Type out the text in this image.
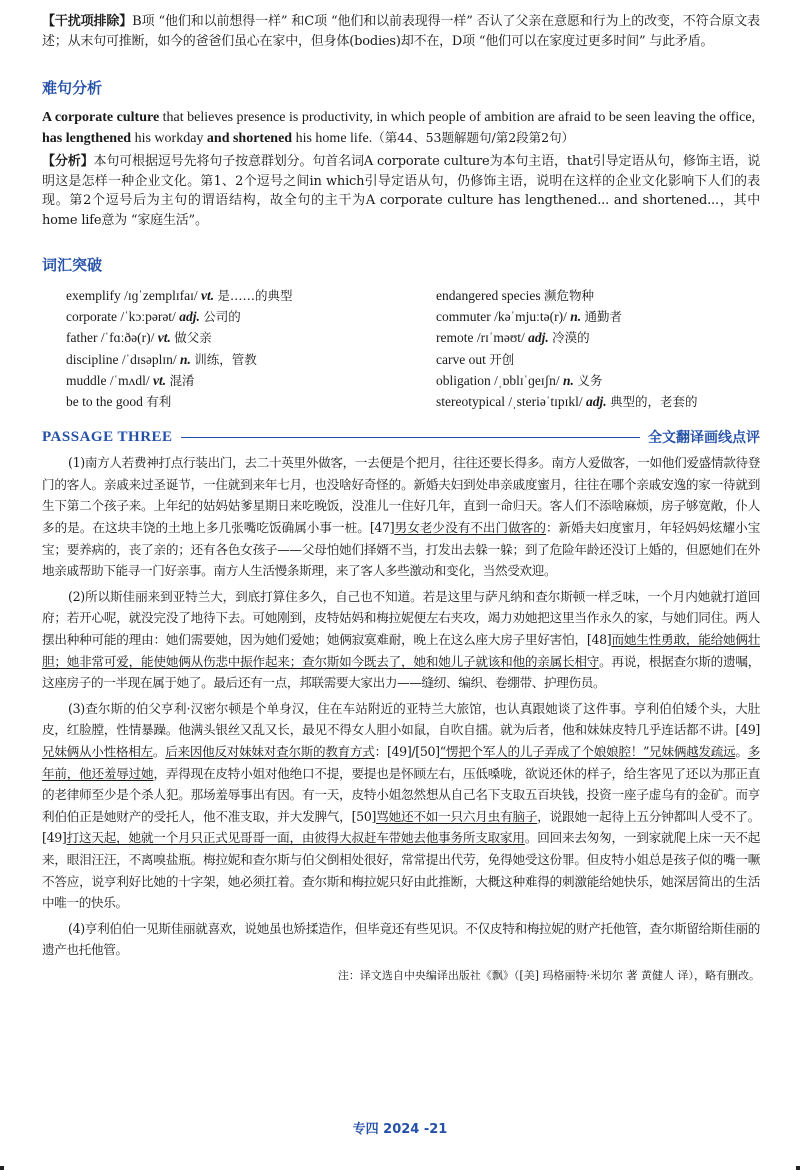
【干扰项排除】B项 “他们和以前想得一样” 和C项 “他们和以前表现得一样” 否认了父亲在意愿和行为上的改变，不符合原文表述；从末句可推断，如今的爸爸们虽心在家中，但身体(bodies)却不在，D项 “他们可以在家度过更多时间” 与此矛盾。

难句分析

A corporate culture that believes presence is productivity, in which people of ambition are afraid to be seen leaving the office, has lengthened his workday and shortened his home life.（第44、53题解题句/第2段第2句）

【分析】本句可根据逗号先将句子按意群划分。句首名词A corporate culture为本句主语，that引导定语从句，修饰主语，说明这是怎样一种企业文化。第1、2个逗号之间in which引导定语从句，仍修饰主语，说明在这样的企业文化影响下人们的表现。第2个逗号后为主句的谓语结构，故全句的主干为A corporate culture has lengthened... and shortened...，其中home life意为 “家庭生活”。

词汇突破
exemplify /ɪɡˈzemplɪfaɪ/ vt. 是……的典型	endangered species 濒危物种
corporate /ˈkɔːpərət/ adj. 公司的	commuter /kəˈmjuːtə(r)/ n. 通勤者
father /ˈfɑːðə(r)/ vt. 做父亲	remote /rɪˈməʊt/ adj. 冷漠的
discipline /ˈdɪsəplɪn/ n. 训练，管教	carve out 开创
muddle /ˈmʌdl/ vt. 混淆	obligation /ˌɒblɪˈɡeɪʃn/ n. 义务
be to the good 有利	stereotypical /ˌsteriəˈtɪpɪkl/ adj. 典型的，老套的
PASSAGE THREE	全文翻译画线点评

(1)南方人若费神打点行装出门，去二十英里外做客，一去便是个把月，往往还要长得多。南方人爱做客，一如他们爱盛情款待登门的客人。亲戚来过圣诞节，一住就到来年七月，也没啥好奇怪的。新婚夫妇到处串亲戚度蜜月，往往在哪个亲戚安逸的家一待就到生下第二个孩子来。上年纪的姑妈姑爹星期日来吃晚饭，没准儿一住好几年，直到一命归天。客人们不添啥麻烦，房子够宽敞，仆人多的是。在这块丰饶的土地上多几张嘴吃饭确属小事一桩。[47]男女老少没有不出门做客的：新婚夫妇度蜜月，年轻妈妈炫耀小宝宝；要养病的，丧了亲的；还有各色女孩子——父母怕她们择婿不当，打发出去躲一躲；到了危险年龄还没订上婚的，但愿她们在外地亲戚帮助下能寻一门好亲事。南方人生活慢条斯理，来了客人多些激动和变化，当然受欢迎。

(2)所以斯佳丽来到亚特兰大，到底打算住多久，自己也不知道。若是这里与萨凡纳和查尔斯顿一样乏味，一个月内她就打道回府；若开心呢，就没完没了地待下去。可她刚到，皮特姑妈和梅拉妮便左右夹攻，竭力劝她把这里当作永久的家，与她们同住。两人摆出种种可能的理由：她们需要她，因为她们爱她；她俩寂寞难耐，晚上在这么座大房子里好害怕，[48]而她生性勇敢，能给她俩壮胆；她非常可爱，能使她俩从伤悲中振作起来；查尔斯如今既去了，她和她儿子就该和他的亲属长相守。再说，根据查尔斯的遗嘱，这座房子的一半现在属于她了。最后还有一点，邦联需要大家出力——缝纫、编织、卷绷带、护理伤员。

(3)查尔斯的伯父亨利·汉密尔顿是个单身汉，住在车站附近的亚特兰大旅馆，也认真跟她谈了这件事。亨利伯伯矮个头，大肚皮，红脸膛，性情暴躁。他满头银丝又乱又长，最见不得女人胆小如鼠，自吹自擂。就为后者，他和妹妹皮特几乎连话都不讲。[49]兄妹俩从小性格相左。后来因他反对妹妹对查尔斯的教育方式：[49]/[50]“愣把个军人的儿子弄成了个娘娘腔！”兄妹俩越发疏远。多年前，他还羞辱过她，弄得现在皮特小姐对他绝口不提，要提也是怀顾左右，压低嗓咙，欲说还休的样子，给生客见了还以为那正直的老律师至少是个杀人犯。那场羞辱事出有因。有一天，皮特小姐忽然想从自己名下支取五百块钱，投资一座子虚乌有的金矿。而亨利伯伯正是她财产的受托人，他不准支取，并大发脾气，[50]骂她还不如一只六月虫有脑子，说跟她一起待上五分钟都叫人受不了。[49]打这天起，她就一个月只正式见哥哥一面，由彼得大叔赶车带她去他事务所支取家用。回回来去匆匆，一到家就爬上床一天不起来，眼泪汪汪，不离嗅盐瓶。梅拉妮和查尔斯与伯父倒相处很好，常常提出代劳，免得她受这份罪。但皮特小姐总是孩子似的嘴一噘不答应，说亨利好比她的十字架，她必须扛着。查尔斯和梅拉妮只好由此推断，大概这种难得的刺激能给她快乐，她深居简出的生活中唯一的快乐。

(4)亨利伯伯一见斯佳丽就喜欢，说她虽也矫揉造作，但毕竟还有些见识。不仅皮特和梅拉妮的财产托他管，查尔斯留给斯佳丽的遗产也托他管。

注：译文选自中央编译出版社《飘》（[美] 玛格丽特·米切尔 著 黄健人 译），略有删改。
专四 2024 -21
